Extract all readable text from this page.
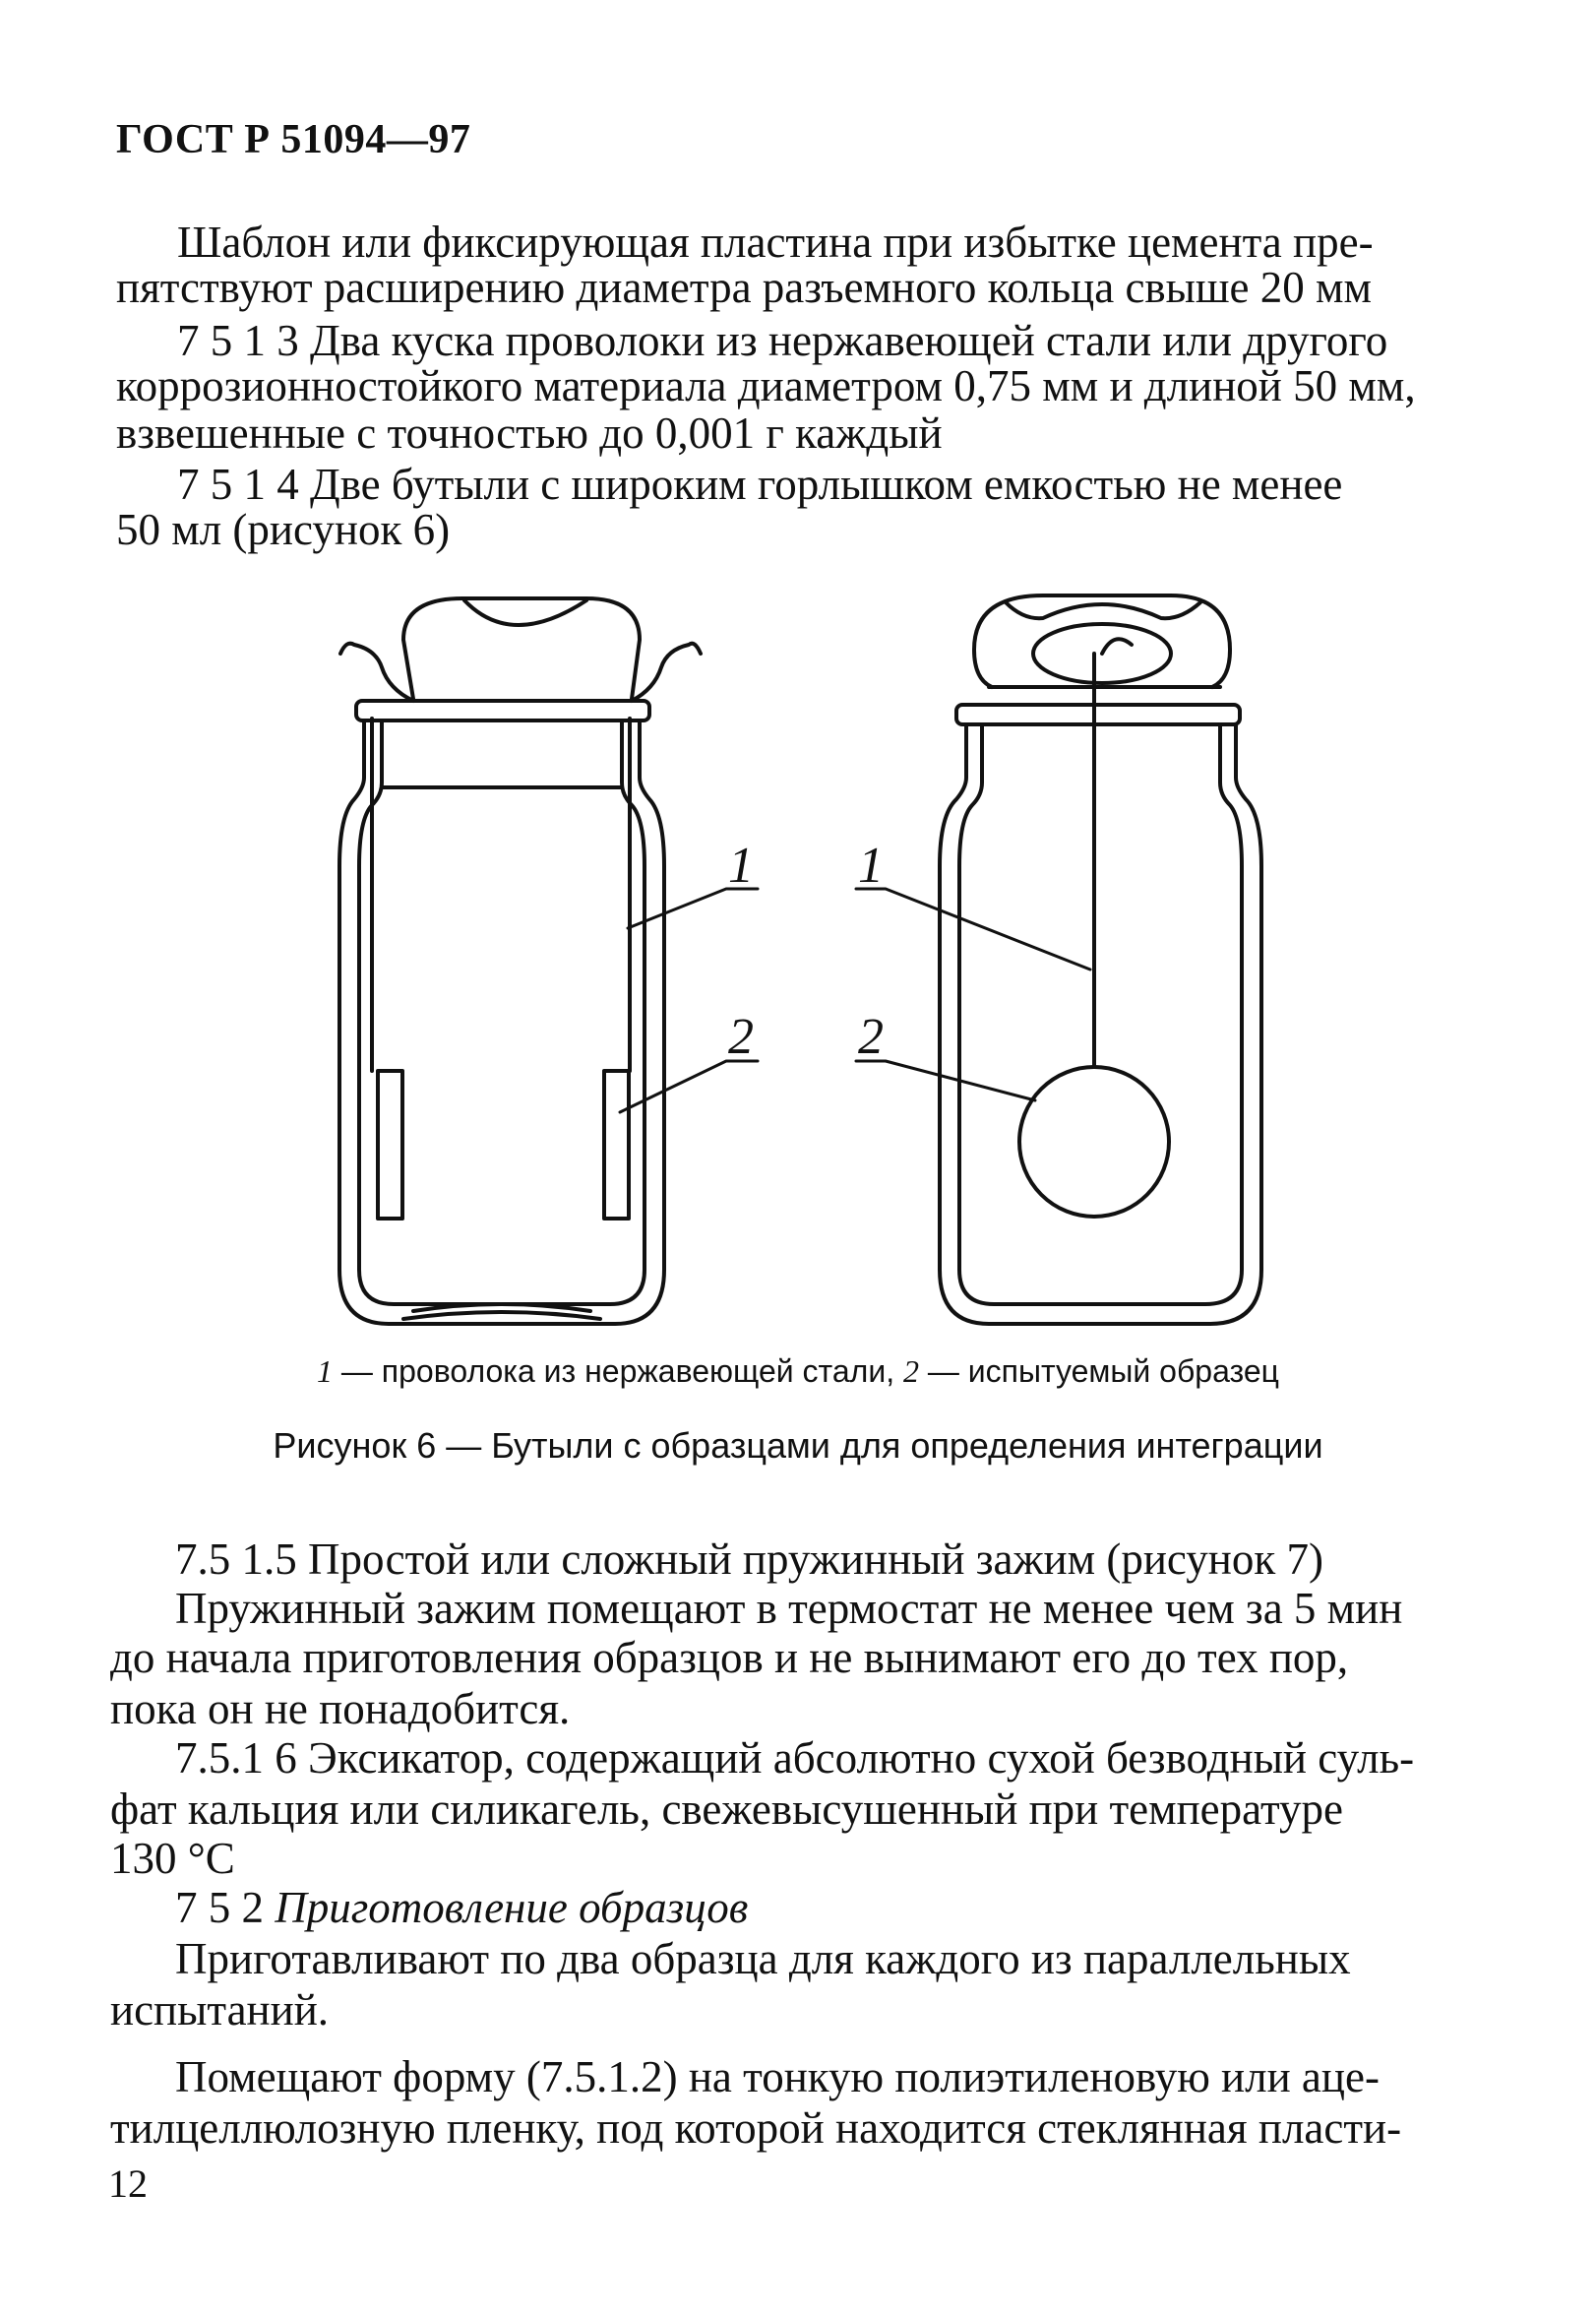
ГОСТ Р 51094—97
Шаблон или фиксирующая пластина при избытке цемента пре-
пятствуют расширению диаметра разъемного кольца свыше 20 мм
7 5 1 3 Два куска проволоки из нержавеющей стали или другого
коррозионностойкого материала диаметром 0,75 мм и длиной 50 мм,
взвешенные с точностью до 0,001 г каждый
7 5 1 4 Две бутыли с широким горлышком емкостью не менее
50 мл (рисунок 6)
1
2
1
2
1 — проволока из нержавеющей стали, 2 — испытуемый образец
Рисунок 6 — Бутыли с образцами для определения интеграции
7.5 1.5 Простой или сложный пружинный зажим (рисунок 7)
Пружинный зажим помещают в термостат не менее чем за 5 мин
до начала приготовления образцов и не вынимают его до тех пор,
пока он не понадобится.
7.5.1 6 Эксикатор, содержащий абсолютно сухой безводный суль-
фат кальция или силикагель, свежевысушенный при температуре
130 °С
7 5 2 Приготовление образцов
Приготавливают по два образца для каждого из параллельных
испытаний.
Помещают форму (7.5.1.2) на тонкую полиэтиленовую или аце-
тилцеллюлозную пленку, под которой находится стеклянная пласти-
12
